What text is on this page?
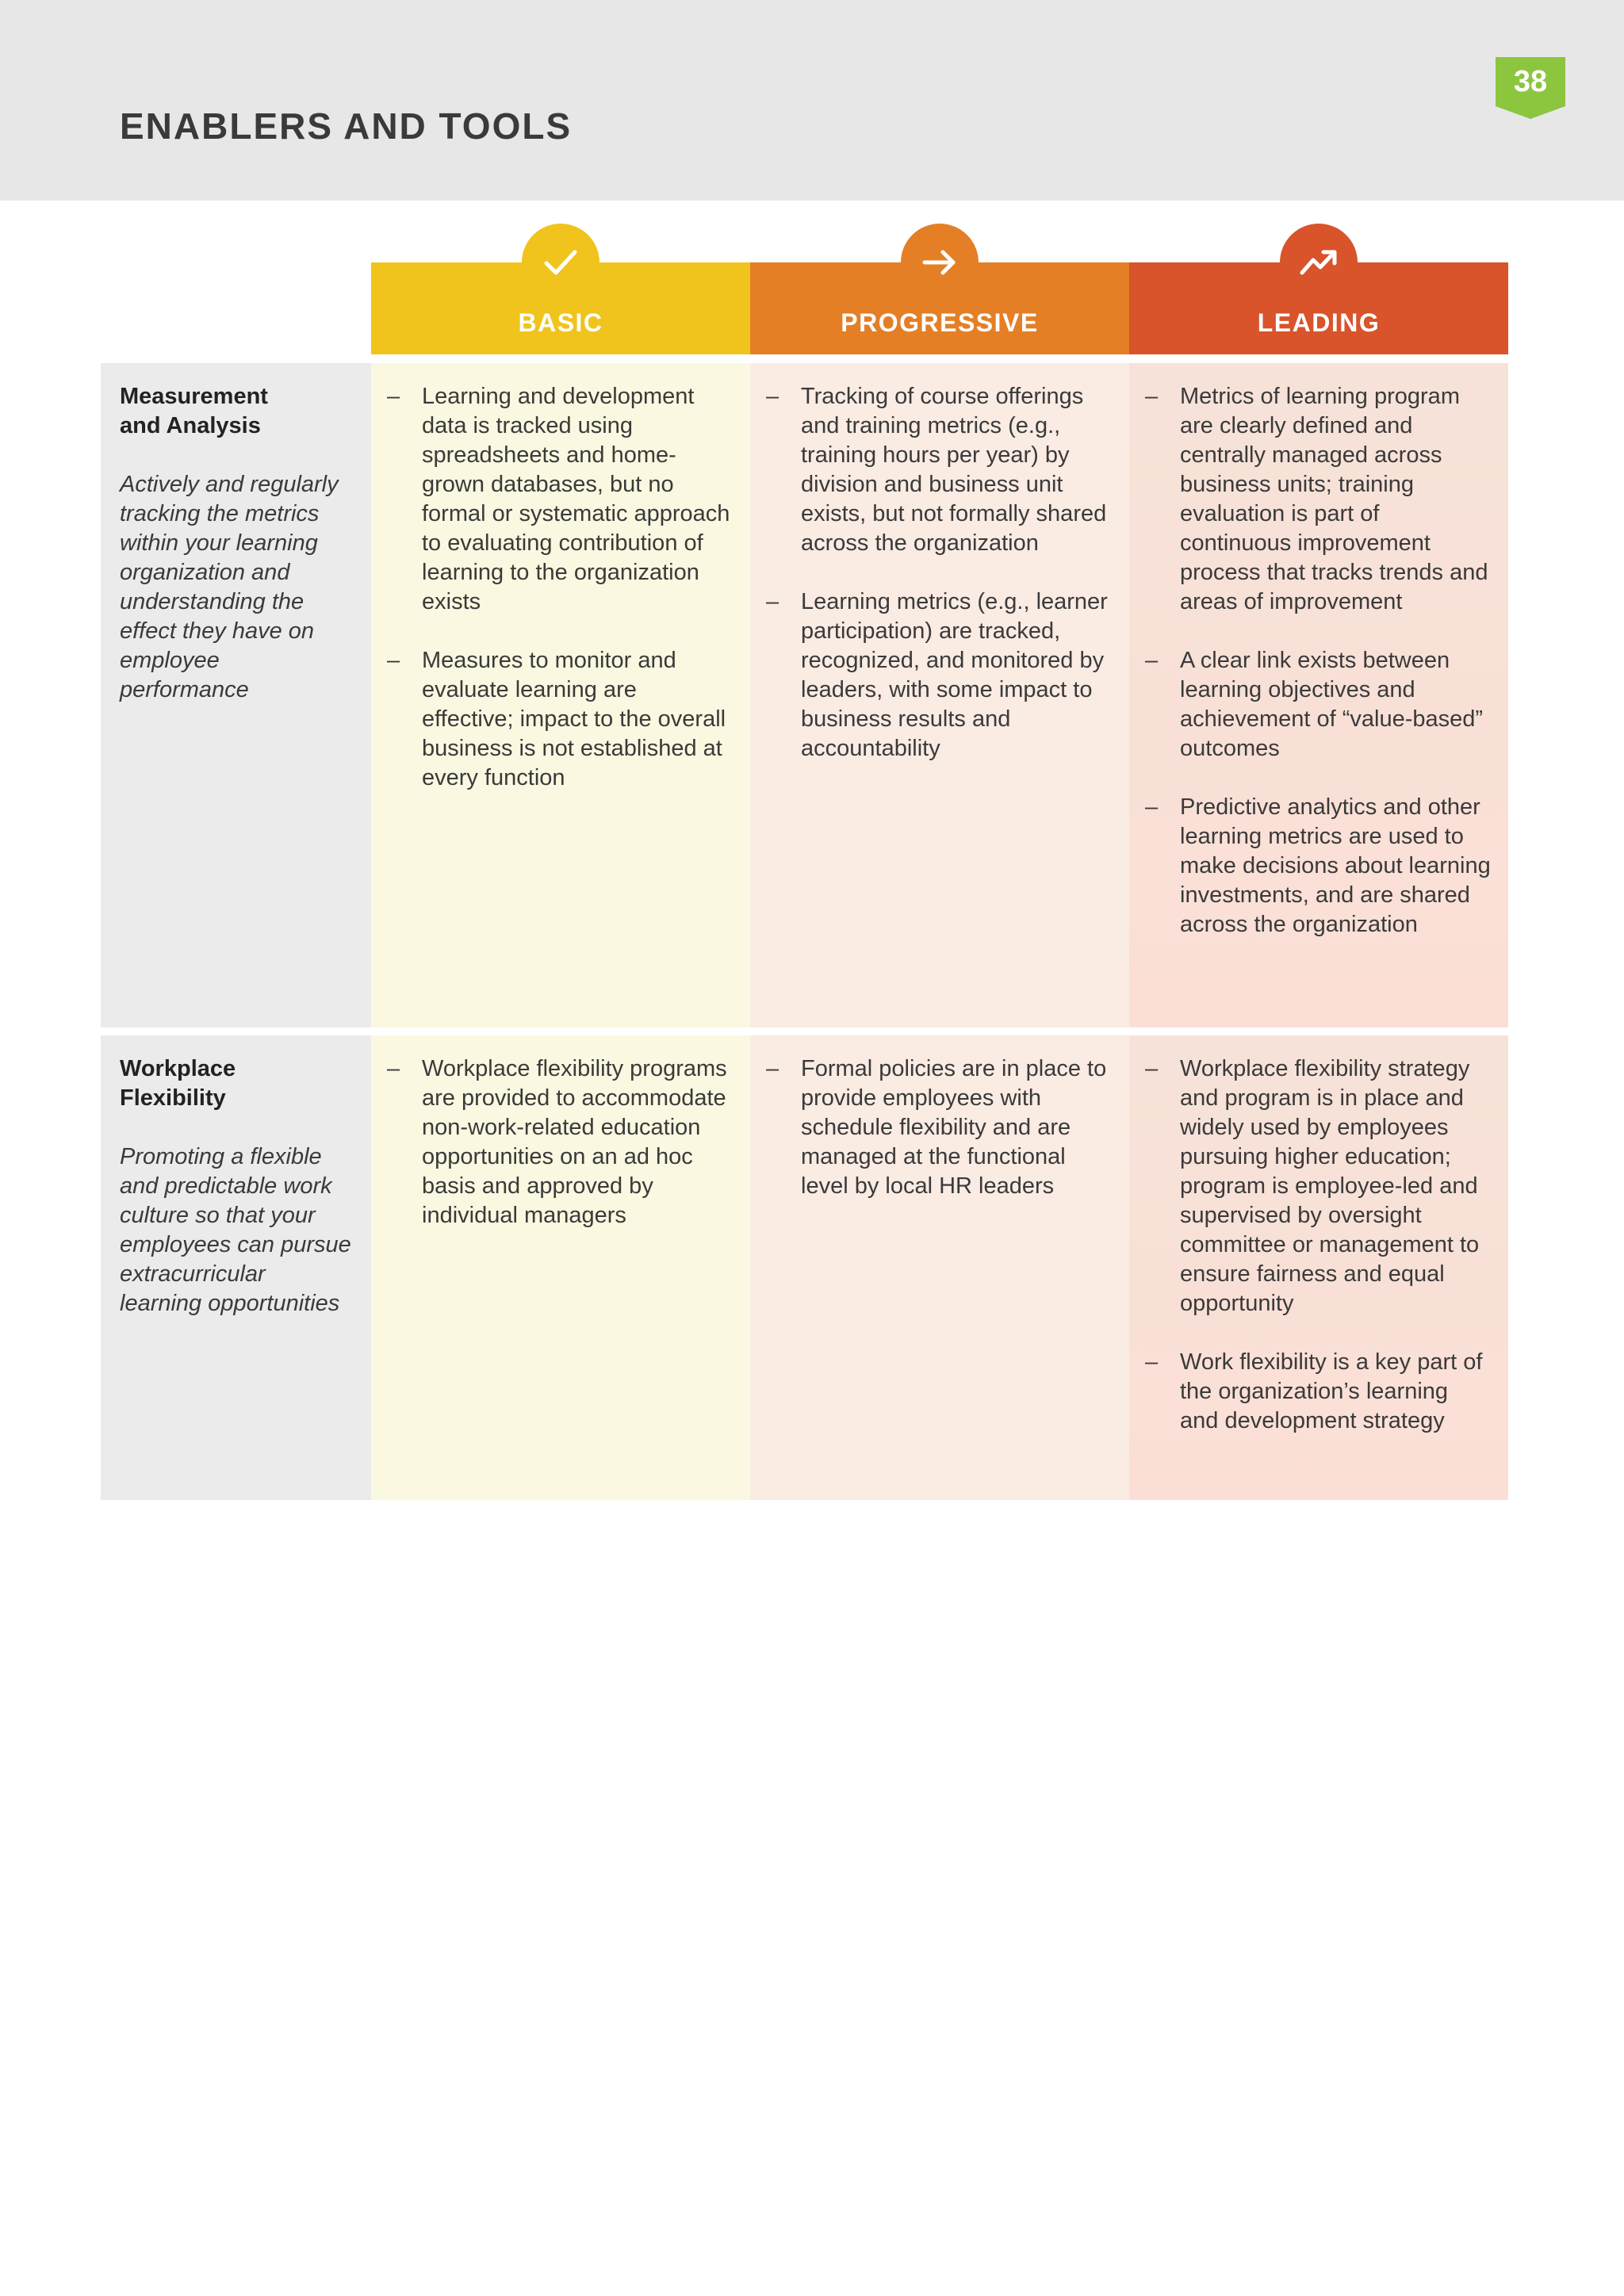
ENABLERS AND TOOLS
38
BASIC	PROGRESSIVE	LEADING
Measurement
and Analysis
Actively and regularly tracking the metrics within your learning organization and understanding the effect they have on employee performance
– Learning and development data is tracked using spreadsheets and home-grown databases, but no formal or systematic approach to evaluating contribution of learning to the organization exists
– Measures to monitor and evaluate learning are effective; impact to the overall business is not established at every function
– Tracking of course offerings and training metrics (e.g., training hours per year) by division and business unit exists, but not formally shared across the organization
– Learning metrics (e.g., learner participation) are tracked, recognized, and monitored by leaders, with some impact to business results and accountability
– Metrics of learning program are clearly defined and centrally managed across business units; training evaluation is part of continuous improvement process that tracks trends and areas of improvement
– A clear link exists between learning objectives and achievement of “value-based” outcomes
– Predictive analytics and other learning metrics are used to make decisions about learning investments, and are shared across the organization
Workplace
Flexibility
Promoting a flexible and predictable work culture so that your employees can pursue extracurricular learning opportunities
– Workplace flexibility programs are provided to accommodate non-work-related education opportunities on an ad hoc basis and approved by individual managers
– Formal policies are in place to provide employees with schedule flexibility and are managed at the functional level by local HR leaders
– Workplace flexibility strategy and program is in place and widely used by employees pursuing higher education; program is employee-led and supervised by oversight committee or management to ensure fairness and equal opportunity
– Work flexibility is a key part of the organization’s learning and development strategy
